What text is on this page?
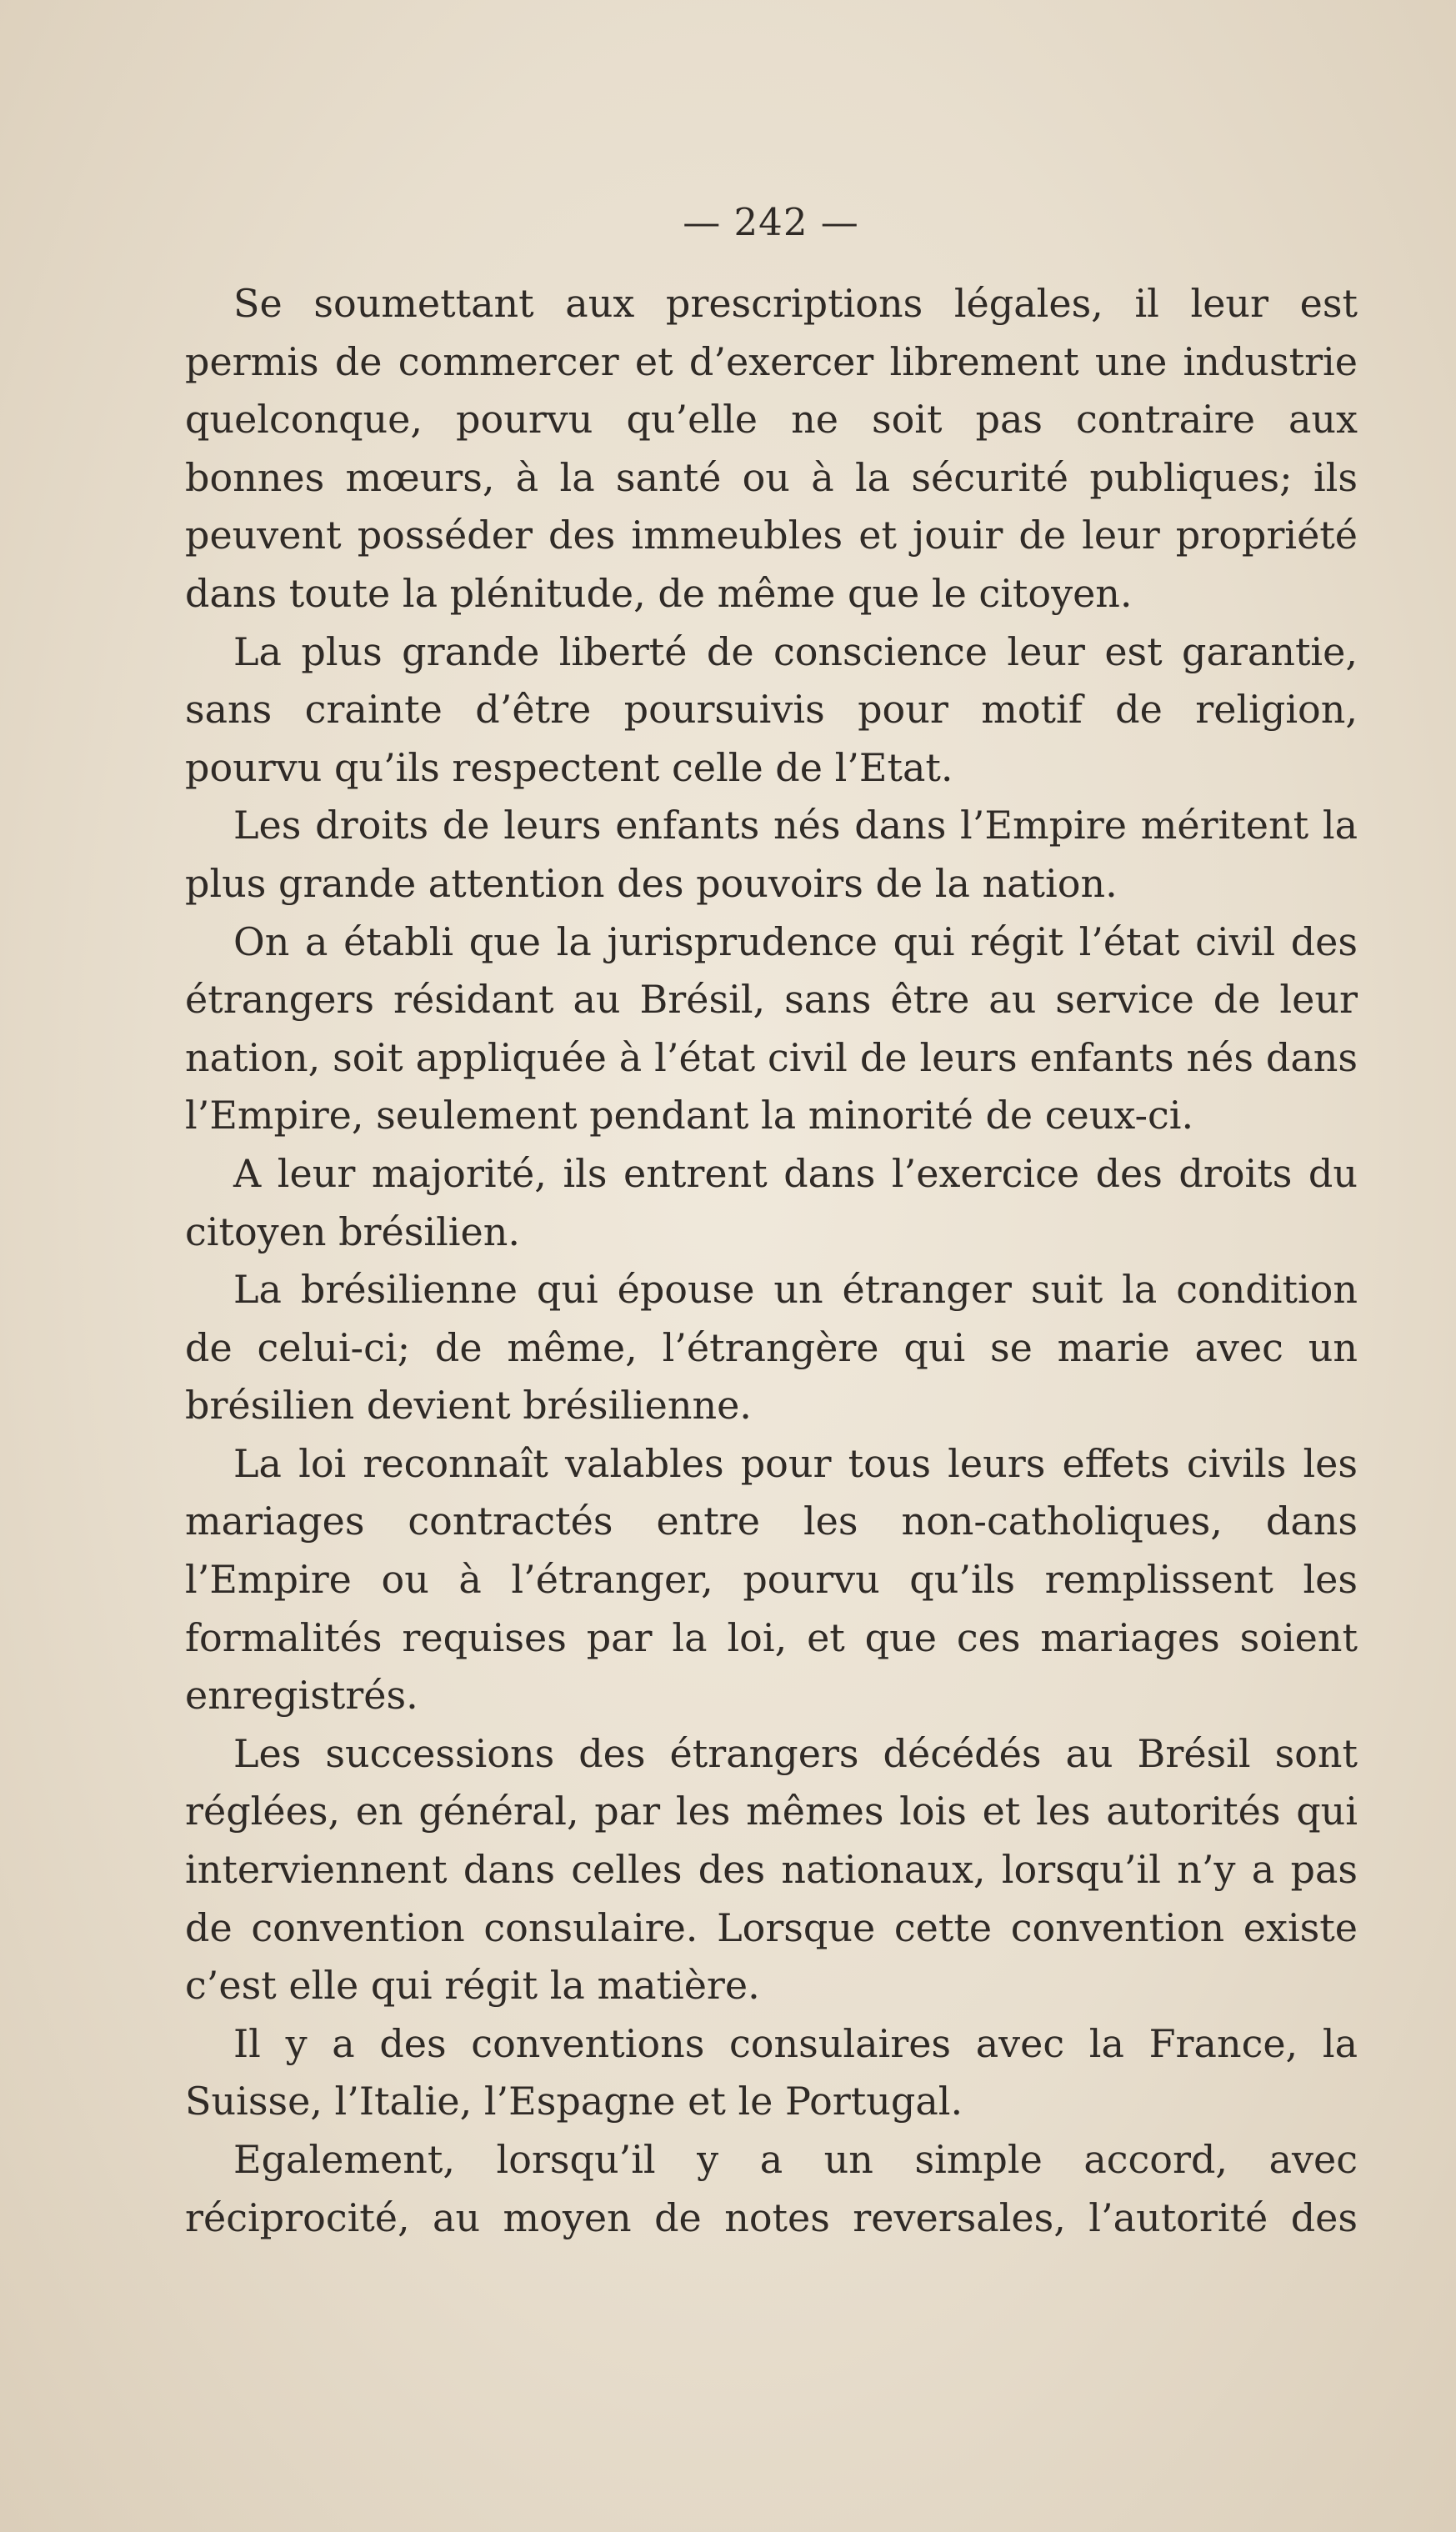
— 242 —

Se soumettant aux prescriptions légales, il leur est permis de commercer et d’exercer librement une industrie quelconque, pourvu qu’elle ne soit pas contraire aux bonnes mœurs, à la santé ou à la sécurité publiques; ils peuvent posséder des immeubles et jouir de leur propriété dans toute la plénitude, de même que le citoyen.

La plus grande liberté de conscience leur est garantie, sans crainte d’être poursuivis pour motif de religion, pourvu qu’ils respectent celle de l’Etat.

Les droits de leurs enfants nés dans l’Empire méritent la plus grande attention des pouvoirs de la nation.

On a établi que la jurisprudence qui régit l’état civil des étrangers résidant au Brésil, sans être au service de leur nation, soit appliquée à l’état civil de leurs enfants nés dans l’Empire, seulement pendant la minorité de ceux-ci.

A leur majorité, ils entrent dans l’exercice des droits du citoyen brésilien.

La brésilienne qui épouse un étranger suit la condition de celui-ci; de même, l’étrangère qui se marie avec un brésilien devient brésilienne.

La loi reconnaît valables pour tous leurs effets civils les mariages contractés entre les non-catholiques, dans l’Empire ou à l’étranger, pourvu qu’ils remplissent les formalités requises par la loi, et que ces mariages soient enregistrés.

Les successions des étrangers décédés au Brésil sont réglées, en général, par les mêmes lois et les autorités qui interviennent dans celles des nationaux, lorsqu’il n’y a pas de convention consulaire. Lorsque cette convention existe c’est elle qui régit la matière.

Il y a des conventions consulaires avec la France, la Suisse, l’Italie, l’Espagne et le Portugal.

Egalement, lorsqu’il y a un simple accord, avec réciprocité, au moyen de notes reversales, l’autorité des
